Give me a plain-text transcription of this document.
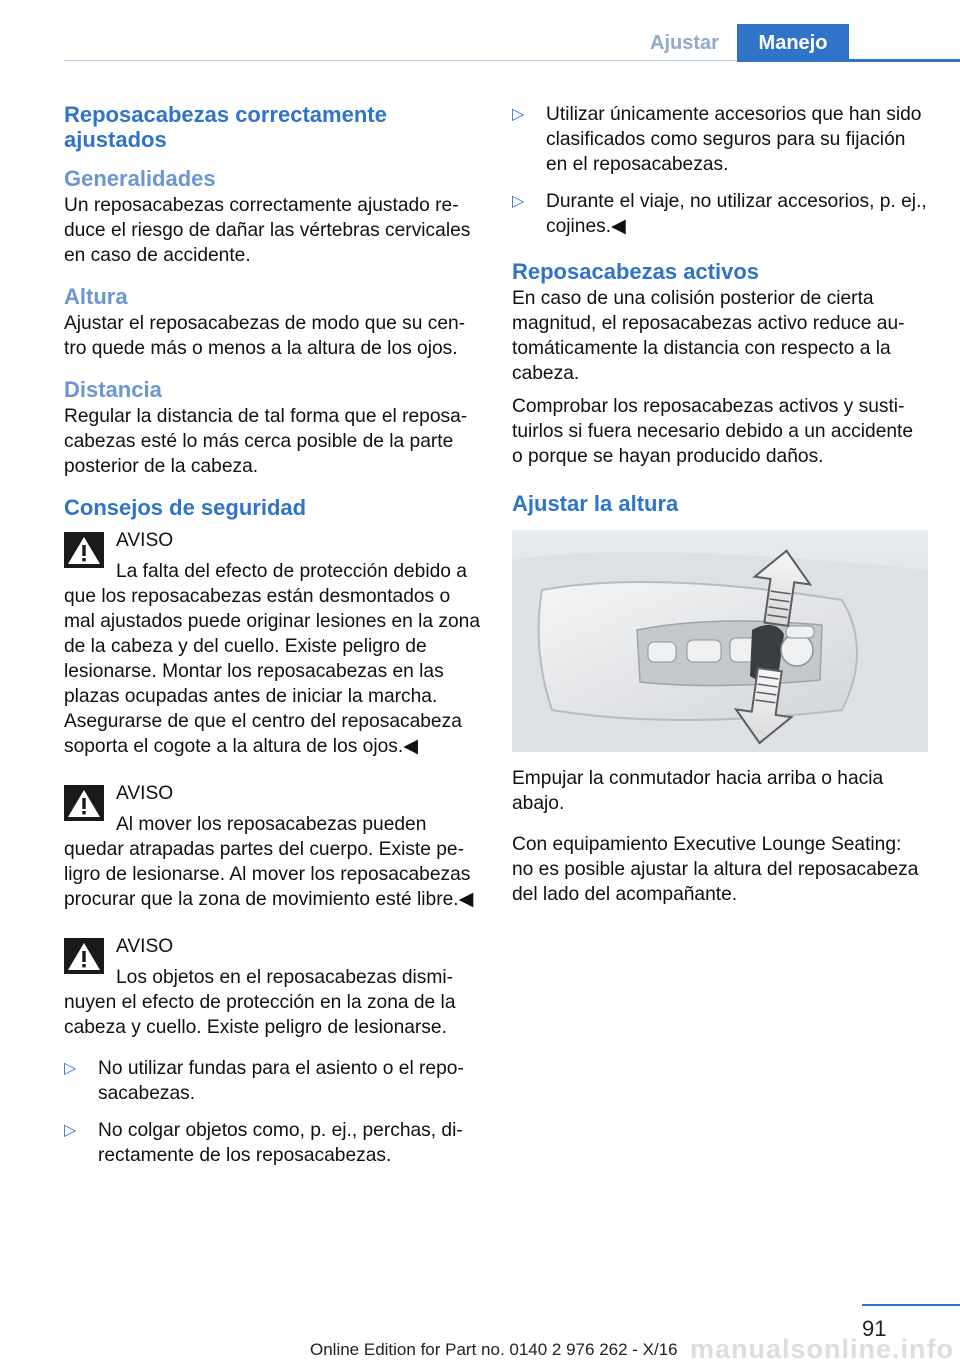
Ajustar	Manejo
Reposacabezas correctamente ajustados
Generalidades

Un reposacabezas correctamente ajustado reduce el riesgo de dañar las vértebras cervicales en caso de accidente.

Altura

Ajustar el reposacabezas de modo que su centro quede más o menos a la altura de los ojos.

Distancia

Regular la distancia de tal forma que el reposacabezas esté lo más cerca posible de la parte posterior de la cabeza.

Consejos de seguridad
AVISO
La falta del efecto de protección debido a que los reposacabezas están desmontados o mal ajustados puede originar lesiones en la zona de la cabeza y del cuello. Existe peligro de lesionarse. Montar los reposacabezas en las plazas ocupadas antes de iniciar la marcha. Asegurarse de que el centro del reposacabeza soporta el cogote a la altura de los ojos.◀
AVISO
Al mover los reposacabezas pueden quedar atrapadas partes del cuerpo. Existe peligro de lesionarse. Al mover los reposacabezas procurar que la zona de movimiento esté libre.◀
AVISO
Los objetos en el reposacabezas disminuyen el efecto de protección en la zona de la cabeza y cuello. Existe peligro de lesionarse.
▷ No utilizar fundas para el asiento o el reposacabezas.
▷ No colgar objetos como, p. ej., perchas, directamente de los reposacabezas.
▷ Utilizar únicamente accesorios que han sido clasificados como seguros para su fijación en el reposacabezas.
▷ Durante el viaje, no utilizar accesorios, p. ej., cojines.◀
Reposacabezas activos

En caso de una colisión posterior de cierta magnitud, el reposacabezas activo reduce automáticamente la distancia con respecto a la cabeza.

Comprobar los reposacabezas activos y sustituirlos si fuera necesario debido a un accidente o porque se hayan producido daños.

Ajustar la altura

Empujar la conmutador hacia arriba o hacia abajo.

Con equipamiento Executive Lounge Seating: no es posible ajustar la altura del reposacabeza del lado del acompañante.

91
manualsonline.info
Online Edition for Part no. 0140 2 976 262 - X/16
